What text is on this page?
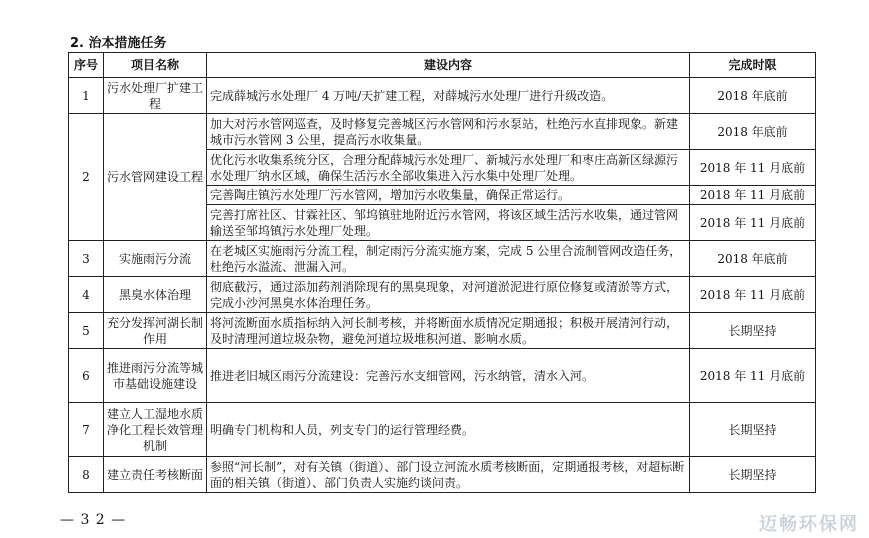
2. 治本措施任务
序号	项目名称	建设内容	完成时限
1	污水处理厂扩建工程	完成薛城污水处理厂 4 万吨/天扩建工程，对薛城污水处理厂进行升级改造。	2018 年底前
2	污水管网建设工程	加大对污水管网巡查，及时修复完善城区污水管网和污水泵站，杜绝污水直排现象。新建城市污水管网 3 公里，提高污水收集量。	2018 年底前
		优化污水收集系统分区，合理分配薛城污水处理厂、新城污水处理厂和枣庄高新区绿源污水处理厂纳水区域，确保生活污水全部收集进入污水集中处理厂处理。	2018 年 11 月底前
		完善陶庄镇污水处理厂污水管网，增加污水收集量，确保正常运行。	2018 年 11 月底前
		完善打席社区、甘霖社区、邹坞镇驻地附近污水管网，将该区域生活污水收集，通过管网输送至邹坞镇污水处理厂处理。	2018 年 11 月底前
3	实施雨污分流	在老城区实施雨污分流工程，制定雨污分流实施方案，完成 5 公里合流制管网改造任务，杜绝污水溢流、泄漏入河。	2018 年底前
4	黑臭水体治理	彻底截污，通过添加药剂消除现有的黑臭现象，对河道淤泥进行原位修复或清淤等方式，完成小沙河黑臭水体治理任务。	2018 年 11 月底前
5	充分发挥河湖长制作用	将河流断面水质指标纳入河长制考核，并将断面水质情况定期通报；积极开展清河行动，及时清理河道垃圾杂物，避免河道垃圾堆积河道、影响水质。	长期坚持
6	推进雨污分流等城市基础设施建设	推进老旧城区雨污分流建设：完善污水支细管网，污水纳管，清水入河。	2018 年 11 月底前
7	建立人工湿地水质净化工程长效管理机制	明确专门机构和人员，列支专门的运行管理经费。	长期坚持
8	建立责任考核断面	参照“河长制”，对有关镇（街道）、部门设立河流水质考核断面，定期通报考核，对超标断面的相关镇（街道）、部门负责人实施约谈问责。	长期坚持
— 3 2 —	迈畅环保网
